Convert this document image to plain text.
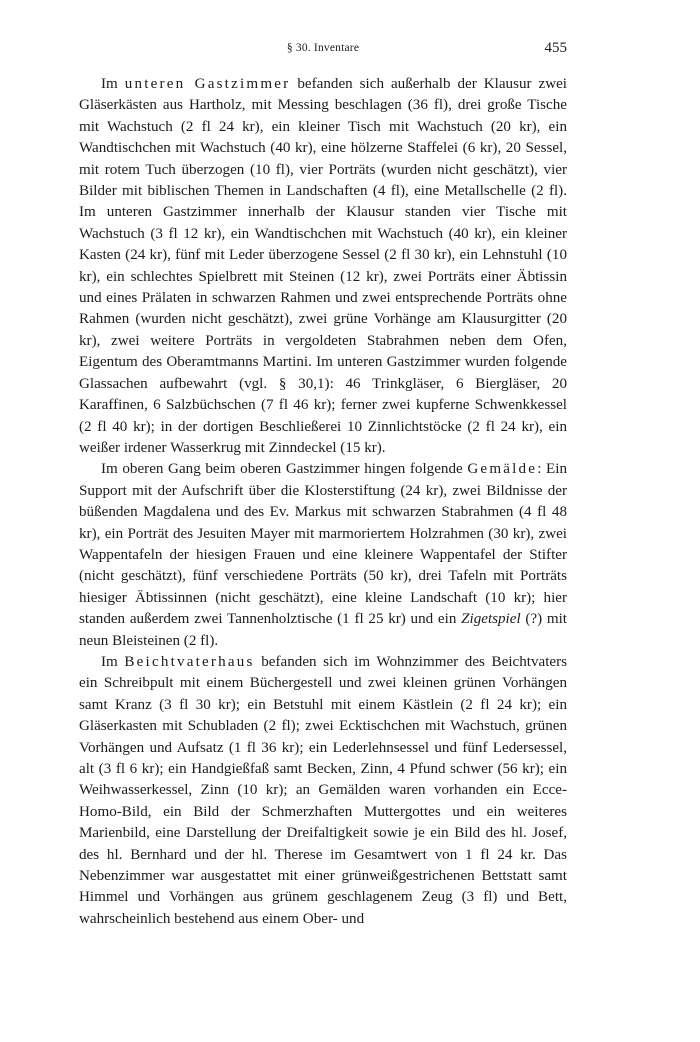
§ 30. Inventare	455

Im unteren Gastzimmer befanden sich außerhalb der Klausur zwei Gläserkästen aus Hartholz, mit Messing beschlagen (36 fl), drei große Tische mit Wachstuch (2 fl 24 kr), ein kleiner Tisch mit Wachstuch (20 kr), ein Wandtischchen mit Wachstuch (40 kr), eine hölzerne Staffelei (6 kr), 20 Sessel, mit rotem Tuch überzogen (10 fl), vier Porträts (wurden nicht geschätzt), vier Bilder mit biblischen Themen in Landschaften (4 fl), eine Metallschelle (2 fl). Im unteren Gastzimmer innerhalb der Klausur standen vier Tische mit Wachstuch (3 fl 12 kr), ein Wandtischchen mit Wachstuch (40 kr), ein kleiner Kasten (24 kr), fünf mit Leder überzogene Sessel (2 fl 30 kr), ein Lehnstuhl (10 kr), ein schlechtes Spielbrett mit Steinen (12 kr), zwei Porträts einer Äbtissin und eines Prälaten in schwarzen Rahmen und zwei entsprechende Porträts ohne Rahmen (wurden nicht geschätzt), zwei grüne Vorhänge am Klausurgitter (20 kr), zwei weitere Porträts in vergoldeten Stabrahmen neben dem Ofen, Eigentum des Oberamtmanns Martini. Im unteren Gastzimmer wurden folgende Glassachen aufbewahrt (vgl. § 30,1): 46 Trinkgläser, 6 Biergläser, 20 Karaffinen, 6 Salzbüchschen (7 fl 46 kr); ferner zwei kupferne Schwenkkessel (2 fl 40 kr); in der dortigen Beschließerei 10 Zinnlichtstöcke (2 fl 24 kr), ein weißer irdener Wasserkrug mit Zinndeckel (15 kr).

Im oberen Gang beim oberen Gastzimmer hingen folgende Gemälde: Ein Support mit der Aufschrift über die Klosterstiftung (24 kr), zwei Bildnisse der büßenden Magdalena und des Ev. Markus mit schwarzen Stabrahmen (4 fl 48 kr), ein Porträt des Jesuiten Mayer mit marmoriertem Holzrahmen (30 kr), zwei Wappentafeln der hiesigen Frauen und eine kleinere Wappentafel der Stifter (nicht geschätzt), fünf verschiedene Porträts (50 kr), drei Tafeln mit Porträts hiesiger Äbtissinnen (nicht geschätzt), eine kleine Landschaft (10 kr); hier standen außerdem zwei Tannenholztische (1 fl 25 kr) und ein Zigetspiel (?) mit neun Bleisteinen (2 fl).

Im Beichtvaterhaus befanden sich im Wohnzimmer des Beichtvaters ein Schreibpult mit einem Büchergestell und zwei kleinen grünen Vorhängen samt Kranz (3 fl 30 kr); ein Betstuhl mit einem Kästlein (2 fl 24 kr); ein Gläserkasten mit Schubladen (2 fl); zwei Ecktischchen mit Wachstuch, grünen Vorhängen und Aufsatz (1 fl 36 kr); ein Lederlehnsessel und fünf Ledersessel, alt (3 fl 6 kr); ein Handgießfaß samt Becken, Zinn, 4 Pfund schwer (56 kr); ein Weihwasserkessel, Zinn (10 kr); an Gemälden waren vorhanden ein Ecce-Homo-Bild, ein Bild der Schmerzhaften Muttergottes und ein weiteres Marienbild, eine Darstellung der Dreifaltigkeit sowie je ein Bild des hl. Josef, des hl. Bernhard und der hl. Therese im Gesamtwert von 1 fl 24 kr. Das Nebenzimmer war ausgestattet mit einer grünweißgestrichenen Bettstatt samt Himmel und Vorhängen aus grünem geschlagenem Zeug (3 fl) und Bett, wahrscheinlich bestehend aus einem Ober- und
